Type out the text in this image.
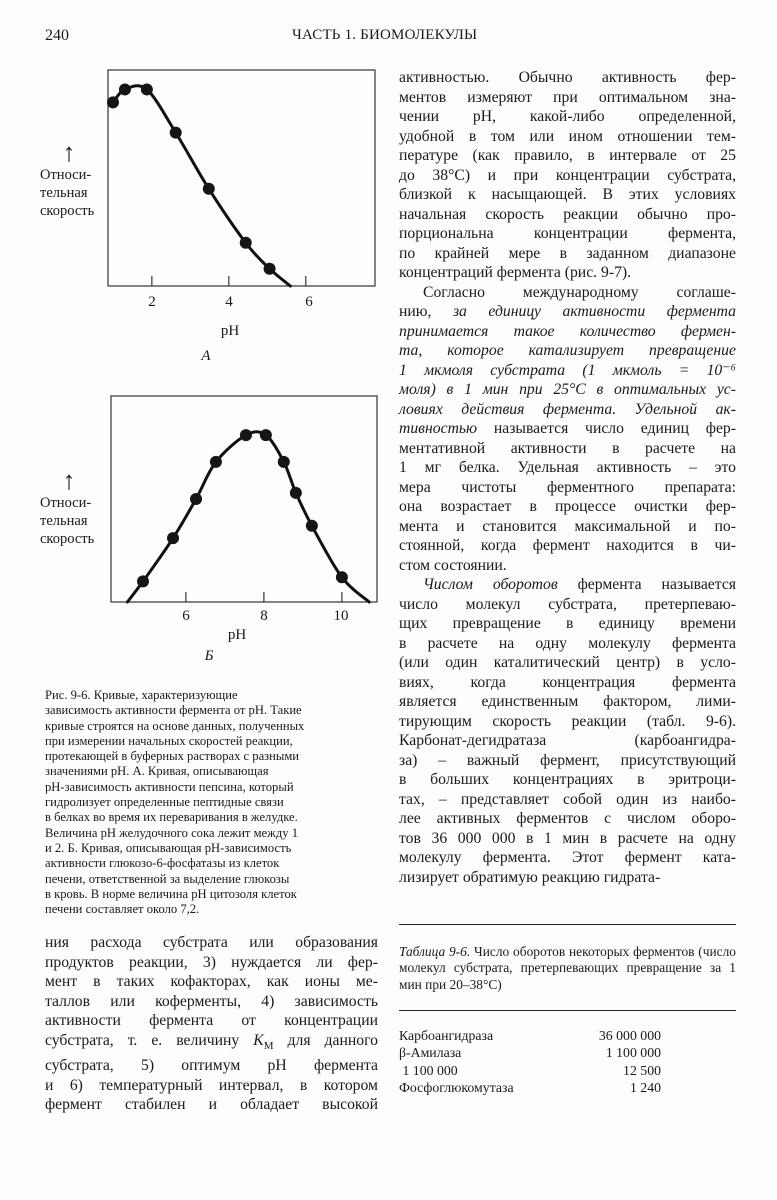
240	ЧАСТЬ 1. БИОМОЛЕКУЛЫ
↑
Относи-
тельная
скорость
2	4	6
pH
А
↑
Относи-
тельная
скорость
6	8	10
pH
Б

Рис. 9-6. Кривые, характеризующие
зависимость активности фермента от pH. Такие
кривые строятся на основе данных, полученных
при измерении начальных скоростей реакции,
протекающей в буферных растворах с разными
значениями pH. А. Кривая, описывающая
pH-зависимость активности пепсина, который
гидролизует определенные пептидные связи
в белках во время их переваривания в желудке.
Величина pH желудочного сока лежит между 1
и 2. Б. Кривая, описывающая pH-зависимость
активности глюкозо-6-фосфатазы из клеток
печени, ответственной за выделение глюкозы
в кровь. В норме величина pH цитозоля клеток
печени составляет около 7,2.

ния расхода субстрата или образования

продуктов реакции, 3) нуждается ли фер-

мент в таких кофакторах, как ионы ме-

таллов или коферменты, 4) зависимость

активности фермента от концентрации

субстрата, т. е. величину $K_M$ для данного

субстрата, 5) оптимум pH фермента

и 6) температурный интервал, в котором

фермент стабилен и обладает высокой

активностью. Обычно активность фер-

ментов измеряют при оптимальном зна-

чении pH, какой-либо определенной,

удобной в том или ином отношении тем-

пературе (как правило, в интервале от 25

до 38°C) и при концентрации субстрата,

близкой к насыщающей. В этих условиях

начальная скорость реакции обычно про-

порциональна концентрации фермента,

по крайней мере в заданном диапазоне

концентраций фермента (рис. 9-7).

Согласно международному соглаше-

нию, за единицу активности фермента

принимается такое количество фермен-

та, которое катализирует превращение

1 мкмоля субстрата (1 мкмоль = 10⁻⁶

моля) в 1 мин при 25°C в оптимальных ус-

ловиях действия фермента. Удельной ак-

тивностью называется число единиц фер-

ментативной активности в расчете на

1 мг белка. Удельная активность – это

мера чистоты ферментного препарата:

она возрастает в процессе очистки фер-

мента и становится максимальной и по-

стоянной, когда фермент находится в чи-

стом состоянии.

Числом оборотов фермента называется

число молекул субстрата, претерпеваю-

щих превращение в единицу времени

в расчете на одну молекулу фермента

(или один каталитический центр) в усло-

виях, когда концентрация фермента

является единственным фактором, лими-

тирующим скорость реакции (табл. 9-6).

Карбонат-дегидратаза (карбоангидра-

за) – важный фермент, присутствующий

в больших концентрациях в эритроци-

тах, – представляет собой один из наибо-

лее активных ферментов с числом оборо-

тов 36 000 000 в 1 мин в расчете на одну

молекулу фермента. Этот фермент ката-

лизирует обратимую реакцию гидрата-

Таблица 9-6. Число оборотов некоторых ферментов (число молекул субстрата, претерпевающих превращение за 1 мин при 20–38°C)
Карбоангидраза	36 000 000
β-Амилаза	1 100 000
1 100 000	12 500
Фосфоглюкомутаза	1 240
